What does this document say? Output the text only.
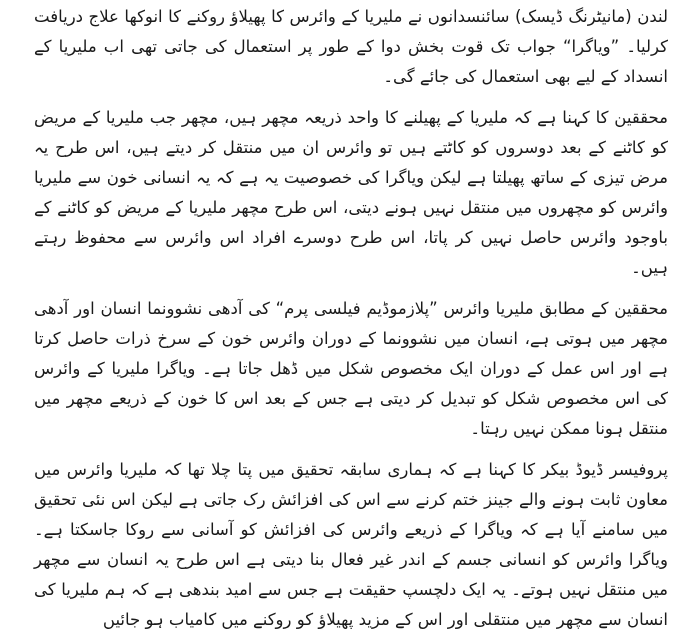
لندن (مانیٹرنگ ڈیسک) سائنسدانوں نے ملیریا کے وائرس کا پھیلاؤ روکنے کا انوکھا علاج دریافت کرلیا۔ ”ویاگرا“ جواب تک قوت بخش دوا کے طور پر استعمال کی جاتی تھی اب ملیریا کے انسداد کے لیے بھی استعمال کی جائے گی۔

محققین کا کہنا ہے کہ ملیریا کے پھیلنے کا واحد ذریعہ مچھر ہیں، مچھر جب ملیریا کے مریض کو کاٹنے کے بعد دوسروں کو کاٹتے ہیں تو وائرس ان میں منتقل کر دیتے ہیں، اس طرح یہ مرض تیزی کے ساتھ پھیلتا ہے لیکن ویاگرا کی خصوصیت یہ ہے کہ یہ انسانی خون سے ملیریا وائرس کو مچھروں میں منتقل نہیں ہونے دیتی، اس طرح مچھر ملیریا کے مریض کو کاٹنے کے باوجود وائرس حاصل نہیں کر پاتا، اس طرح دوسرے افراد اس وائرس سے محفوظ رہتے ہیں۔

محققین کے مطابق ملیریا وائرس ”پلازموڈیم فیلسی پرم“ کی آدھی نشوونما انسان اور آدھی مچھر میں ہوتی ہے، انسان میں نشوونما کے دوران وائرس خون کے سرخ ذرات حاصل کرتا ہے اور اس عمل کے دوران ایک مخصوص شکل میں ڈھل جاتا ہے۔ ویاگرا ملیریا کے وائرس کی اس مخصوص شکل کو تبدیل کر دیتی ہے جس کے بعد اس کا خون کے ذریعے مچھر میں منتقل ہونا ممکن نہیں رہتا۔

پروفیسر ڈیوڈ بیکر کا کہنا ہے کہ ہماری سابقہ تحقیق میں پتا چلا تھا کہ ملیریا وائرس میں معاون ثابت ہونے والے جینز ختم کرنے سے اس کی افزائش رک جاتی ہے لیکن اس نئی تحقیق میں سامنے آیا ہے کہ ویاگرا کے ذریعے وائرس کی افزائش کو آسانی سے روکا جاسکتا ہے۔ ویاگرا وائرس کو انسانی جسم کے اندر غیر فعال بنا دیتی ہے اس طرح یہ انسان سے مچھر میں منتقل نہیں ہوتے۔ یہ ایک دلچسپ حقیقت ہے جس سے امید بندھی ہے کہ ہم ملیریا کی انسان سے مچھر میں منتقلی اور اس کے مزید پھیلاؤ کو روکنے میں کامیاب ہو جائیں
